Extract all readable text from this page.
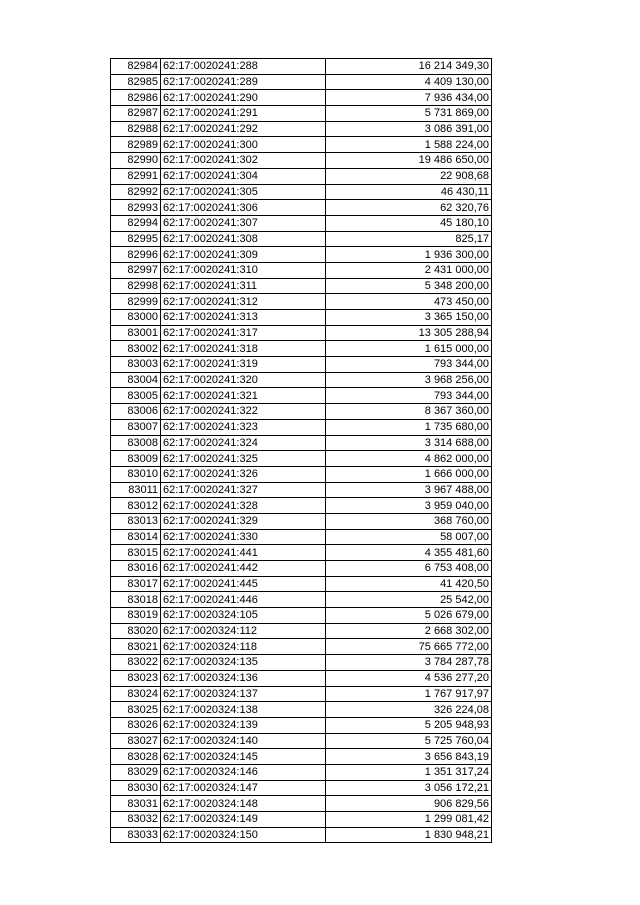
82984	62:17:0020241:288	16 214 349,30
82985	62:17:0020241:289	4 409 130,00
82986	62:17:0020241:290	7 936 434,00
82987	62:17:0020241:291	5 731 869,00
82988	62:17:0020241:292	3 086 391,00
82989	62:17:0020241:300	1 588 224,00
82990	62:17:0020241:302	19 486 650,00
82991	62:17:0020241:304	22 908,68
82992	62:17:0020241:305	46 430,11
82993	62:17:0020241:306	62 320,76
82994	62:17:0020241:307	45 180,10
82995	62:17:0020241:308	825,17
82996	62:17:0020241:309	1 936 300,00
82997	62:17:0020241:310	2 431 000,00
82998	62:17:0020241:311	5 348 200,00
82999	62:17:0020241:312	473 450,00
83000	62:17:0020241:313	3 365 150,00
83001	62:17:0020241:317	13 305 288,94
83002	62:17:0020241:318	1 615 000,00
83003	62:17:0020241:319	793 344,00
83004	62:17:0020241:320	3 968 256,00
83005	62:17:0020241:321	793 344,00
83006	62:17:0020241:322	8 367 360,00
83007	62:17:0020241:323	1 735 680,00
83008	62:17:0020241:324	3 314 688,00
83009	62:17:0020241:325	4 862 000,00
83010	62:17:0020241:326	1 666 000,00
83011	62:17:0020241:327	3 967 488,00
83012	62:17:0020241:328	3 959 040,00
83013	62:17:0020241:329	368 760,00
83014	62:17:0020241:330	58 007,00
83015	62:17:0020241:441	4 355 481,60
83016	62:17:0020241:442	6 753 408,00
83017	62:17:0020241:445	41 420,50
83018	62:17:0020241:446	25 542,00
83019	62:17:0020324:105	5 026 679,00
83020	62:17:0020324:112	2 668 302,00
83021	62:17:0020324:118	75 665 772,00
83022	62:17:0020324:135	3 784 287,78
83023	62:17:0020324:136	4 536 277,20
83024	62:17:0020324:137	1 767 917,97
83025	62:17:0020324:138	326 224,08
83026	62:17:0020324:139	5 205 948,93
83027	62:17:0020324:140	5 725 760,04
83028	62:17:0020324:145	3 656 843,19
83029	62:17:0020324:146	1 351 317,24
83030	62:17:0020324:147	3 056 172,21
83031	62:17:0020324:148	906 829,56
83032	62:17:0020324:149	1 299 081,42
83033	62:17:0020324:150	1 830 948,21
